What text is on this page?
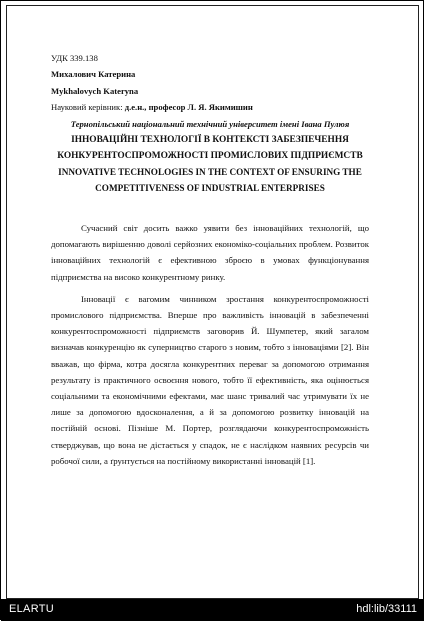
УДК 339.138

Михалович Катерина

Mykhalovych Kateryna

Науковий керівник: д.е.н., професор Л. Я. Якимишин

Тернопільський національний технічний університет імені Івана Пулюя

ІННОВАЦІЙНІ ТЕХНОЛОГІЇ В КОНТЕКСТІ ЗАБЕЗПЕЧЕННЯ КОНКУРЕНТОСПРОМОЖНОСТІ ПРОМИСЛОВИХ ПІДПРИЄМСТВ

INNOVATIVE TECHNOLOGIES IN THE CONTEXT OF ENSURING THE COMPETITIVENESS OF INDUSTRIAL ENTERPRISES

Сучасний світ досить важко уявити без інноваційних технологій, що допомагають вирішенню доволі серйозних економіко-соціальних проблем. Розвиток інноваційних технологій є ефективною зброєю в умовах функціонування підприємства на високо конкурентному ринку.

Інновації є вагомим чинником зростання конкурентоспроможності промислового підприємства. Вперше про важливість інновацій в забезпеченні конкурентоспроможності підприємств заговорив Й. Шумпетер, який загалом визначав конкуренцію як суперництво старого з новим, тобто з інноваціями [2]. Він вважав, що фірма, котра досягла конкурентних переваг за допомогою отримання результату із практичного освоєння нового, тобто її ефективність, яка оцінюється соціальними та економічними ефектами, має шанс тривалий час утримувати їх не лише за допомогою вдосконалення, а й за допомогою розвитку інновацій на постійній основі. Пізніше М. Портер, розглядаючи конкурентоспроможність стверджував, що вона не дістається у спадок, не є наслідком наявних ресурсів чи робочої сили, а ґрунтується на постійному використанні інновацій [1].

ELARTU	hdl:lib/33111
